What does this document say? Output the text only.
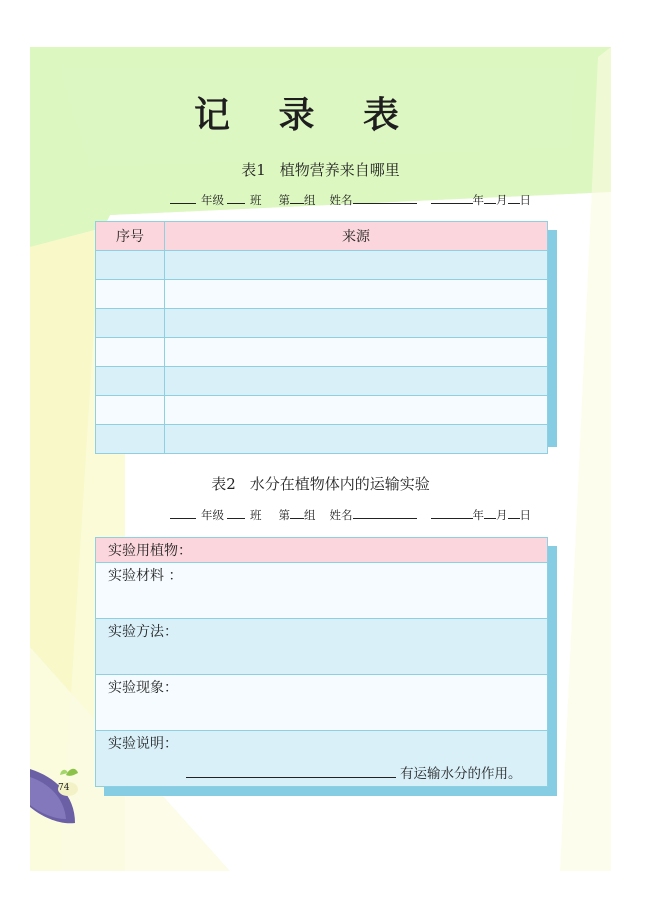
记 录 表
表1 植物营养来自哪里
年级 班 第 组 姓名	年 月 日
序号	来源

表2 水分在植物体内的运输实验
年级 班 第 组 姓名	年 月 日
实验用植物：
实验材料 ：
实验方法：
实验现象：
实验说明：
有运输水分的作用。
74
